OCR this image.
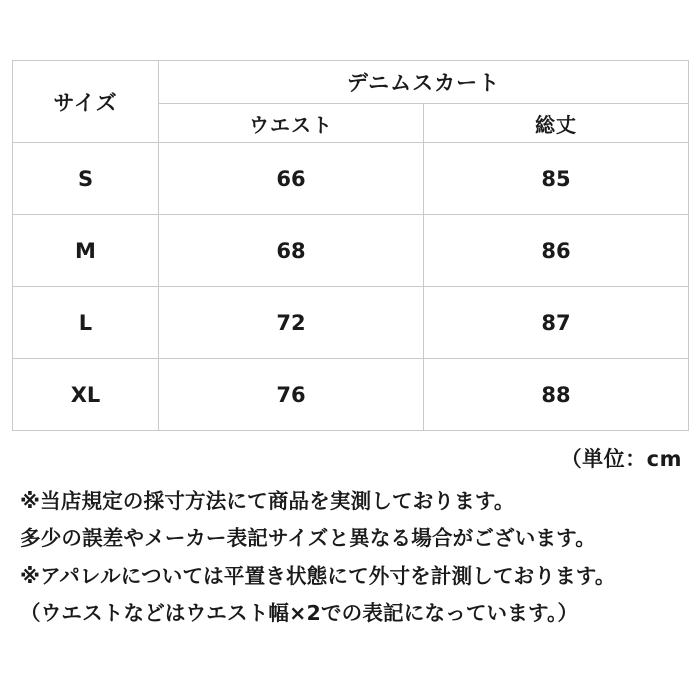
サイズ	デニムスカート	
	ウエスト	総丈
S	66	85
M	68	86
L	72	87
XL	76	88
（単位：cm
※当店規定の採寸方法にて商品を実測しております。
多少の誤差やメーカー表記サイズと異なる場合がございます。
※アパレルについては平置き状態にて外寸を計測しております。
（ウエストなどはウエスト幅×2での表記になっています。）
